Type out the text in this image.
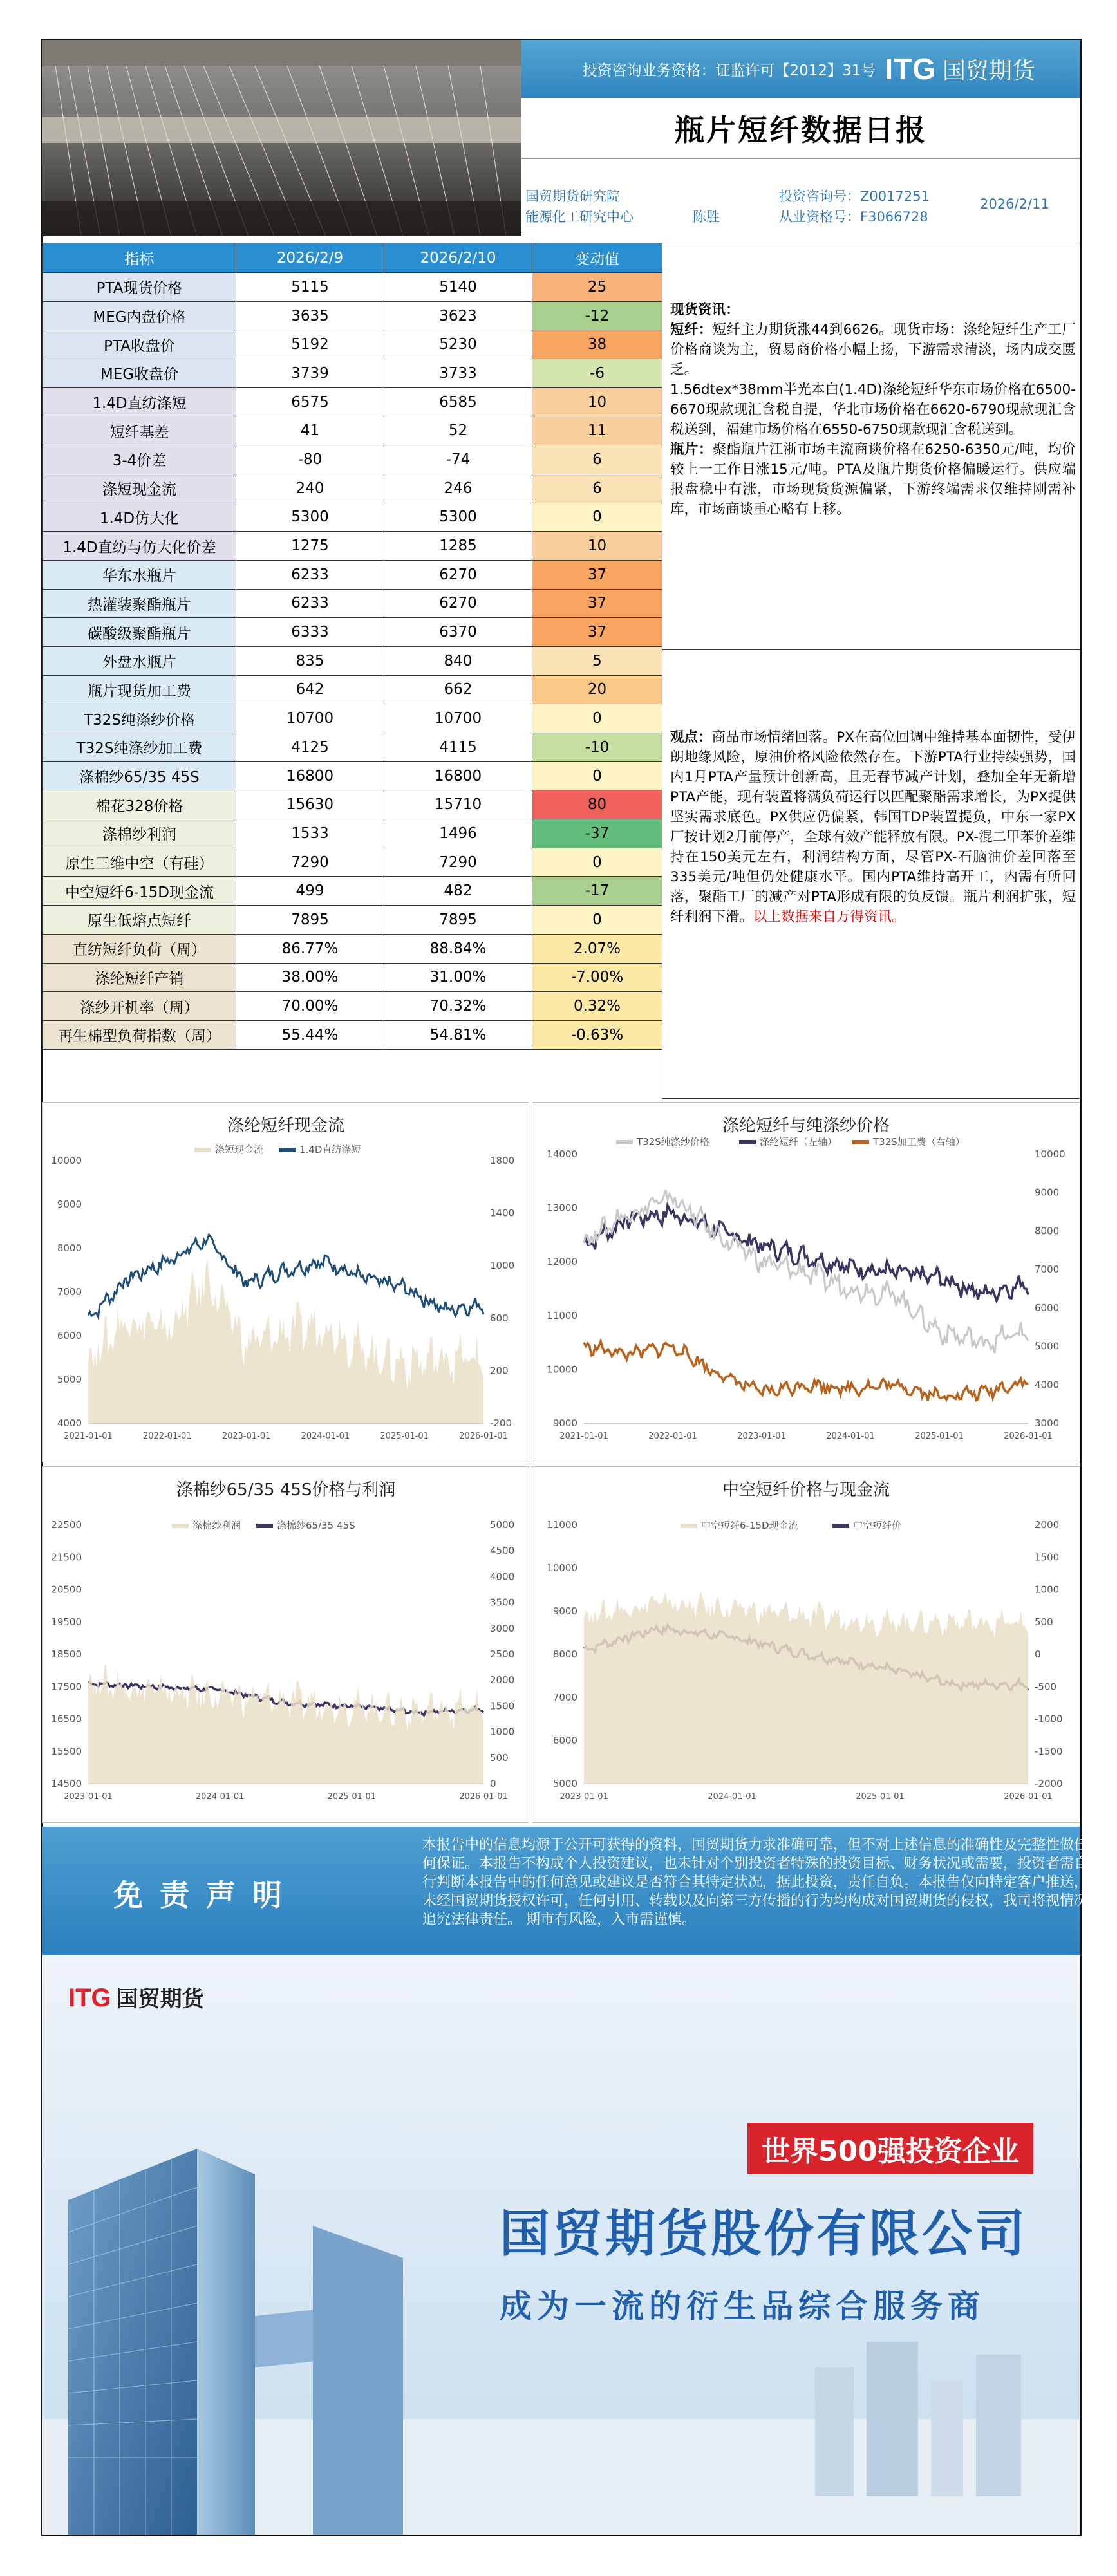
投资咨询业务资格：证监许可【2012】31号 ITG 国贸期货
瓶片短纤数据日报
国贸期货研究院
能源化工研究中心	陈胜
投资咨询号：Z0017251
从业资格号：F3066728
2026/2/11
指标	2026/2/9	2026/2/10	变动值
PTA现货价格	5115	5140	25
MEG内盘价格	3635	3623	-12
PTA收盘价	5192	5230	38
MEG收盘价	3739	3733	-6
1.4D直纺涤短	6575	6585	10
短纤基差	41	52	11
3-4价差	-80	-74	6
涤短现金流	240	246	6
1.4D仿大化	5300	5300	0
1.4D直纺与仿大化价差	1275	1285	10
华东水瓶片	6233	6270	37
热灌装聚酯瓶片	6233	6270	37
碳酸级聚酯瓶片	6333	6370	37
外盘水瓶片	835	840	5
瓶片现货加工费	642	662	20
T32S纯涤纱价格	10700	10700	0
T32S纯涤纱加工费	4125	4115	-10
涤棉纱65/35 45S	16800	16800	0
棉花328价格	15630	15710	80
涤棉纱利润	1533	1496	-37
原生三维中空（有硅）	7290	7290	0
中空短纤6-15D现金流	499	482	-17
原生低熔点短纤	7895	7895	0
直纺短纤负荷（周）	86.77%	88.84%	2.07%
涤纶短纤产销	38.00%	31.00%	-7.00%
涤纱开机率（周）	70.00%	70.32%	0.32%
再生棉型负荷指数（周）	55.44%	54.81%	-0.63%
现货资讯：
短纤：短纤主力期货涨44到6626。现货市场：涤纶短纤生产工厂价格商谈为主，贸易商价格小幅上扬，下游需求清淡，场内成交匮乏。
1.56dtex*38mm半光本白(1.4D)涤纶短纤华东市场价格在6500-6670现款现汇含税自提，华北市场价格在6620-6790现款现汇含税送到，福建市场价格在6550-6750现款现汇含税送到。
瓶片：聚酯瓶片江浙市场主流商谈价格在6250-6350元/吨，均价较上一工作日涨15元/吨。PTA及瓶片期货价格偏暖运行。供应端报盘稳中有涨，市场现货货源偏紧，下游终端需求仅维持刚需补库，市场商谈重心略有上移。
观点：商品市场情绪回落。PX在高位回调中维持基本面韧性，受伊朗地缘风险，原油价格风险依然存在。下游PTA行业持续强势，国内1月PTA产量预计创新高，且无春节减产计划，叠加全年无新增PTA产能，现有装置将满负荷运行以匹配聚酯需求增长，为PX提供坚实需求底色。PX供应仍偏紧，韩国TDP装置提负，中东一家PX厂按计划2月前停产，全球有效产能释放有限。PX-混二甲苯价差维持在150美元左右，利润结构方面，尽管PX-石脑油价差回落至335美元/吨但仍处健康水平。国内PTA维持高开工，内需有所回落，聚酯工厂的减产对PTA形成有限的负反馈。瓶片利润扩张，短纤利润下滑。以上数据来自万得资讯。
涤纶短纤现金流
涤短现金流	1.4D直纺涤短
10000
9000
8000
7000
6000
5000
4000
1800
1400
1000
600
200
-200
2021-01-01	2022-01-01	2023-01-01	2024-01-01	2025-01-01	2026-01-01
涤纶短纤与纯涤纱价格
T32S纯涤纱价格	涤纶短纤（左轴）	T32S加工费（右轴）
14000
13000
12000
11000
10000
9000
10000
9000
8000
7000
6000
5000
4000
3000
2021-01-01	2022-01-01	2023-01-01	2024-01-01	2025-01-01	2026-01-01
涤棉纱65/35 45S价格与利润
涤棉纱利润	涤棉纱65/35 45S
22500
21500
20500
19500
18500
17500
16500
15500
14500
5000
4500
4000
3500
3000
2500
2000
1500
1000
500
0
2023-01-01	2024-01-01	2025-01-01	2026-01-01
中空短纤价格与现金流
中空短纤6-15D现金流	中空短纤价
11000
10000
9000
8000
7000
6000
5000
2000
1500
1000
500
0
-500
-1000
-1500
-2000
2023-01-01	2024-01-01	2025-01-01	2026-01-01
免责声明
本报告中的信息均源于公开可获得的资料，国贸期货力求准确可靠，但不对上述信息的准确性及完整性做任何保证。本报告不构成个人投资建议，也未针对个别投资者特殊的投资目标、财务状况或需要，投资者需自行判断本报告中的任何意见或建议是否符合其特定状况，据此投资，责任自负。本报告仅向特定客户推送，未经国贸期货授权许可，任何引用、转载以及向第三方传播的行为均构成对国贸期货的侵权，我司将视情况追究法律责任。 期市有风险，入市需谨慎。
ITG 国贸期货
世界500强投资企业
国贸期货股份有限公司
成为一流的衍生品综合服务商
